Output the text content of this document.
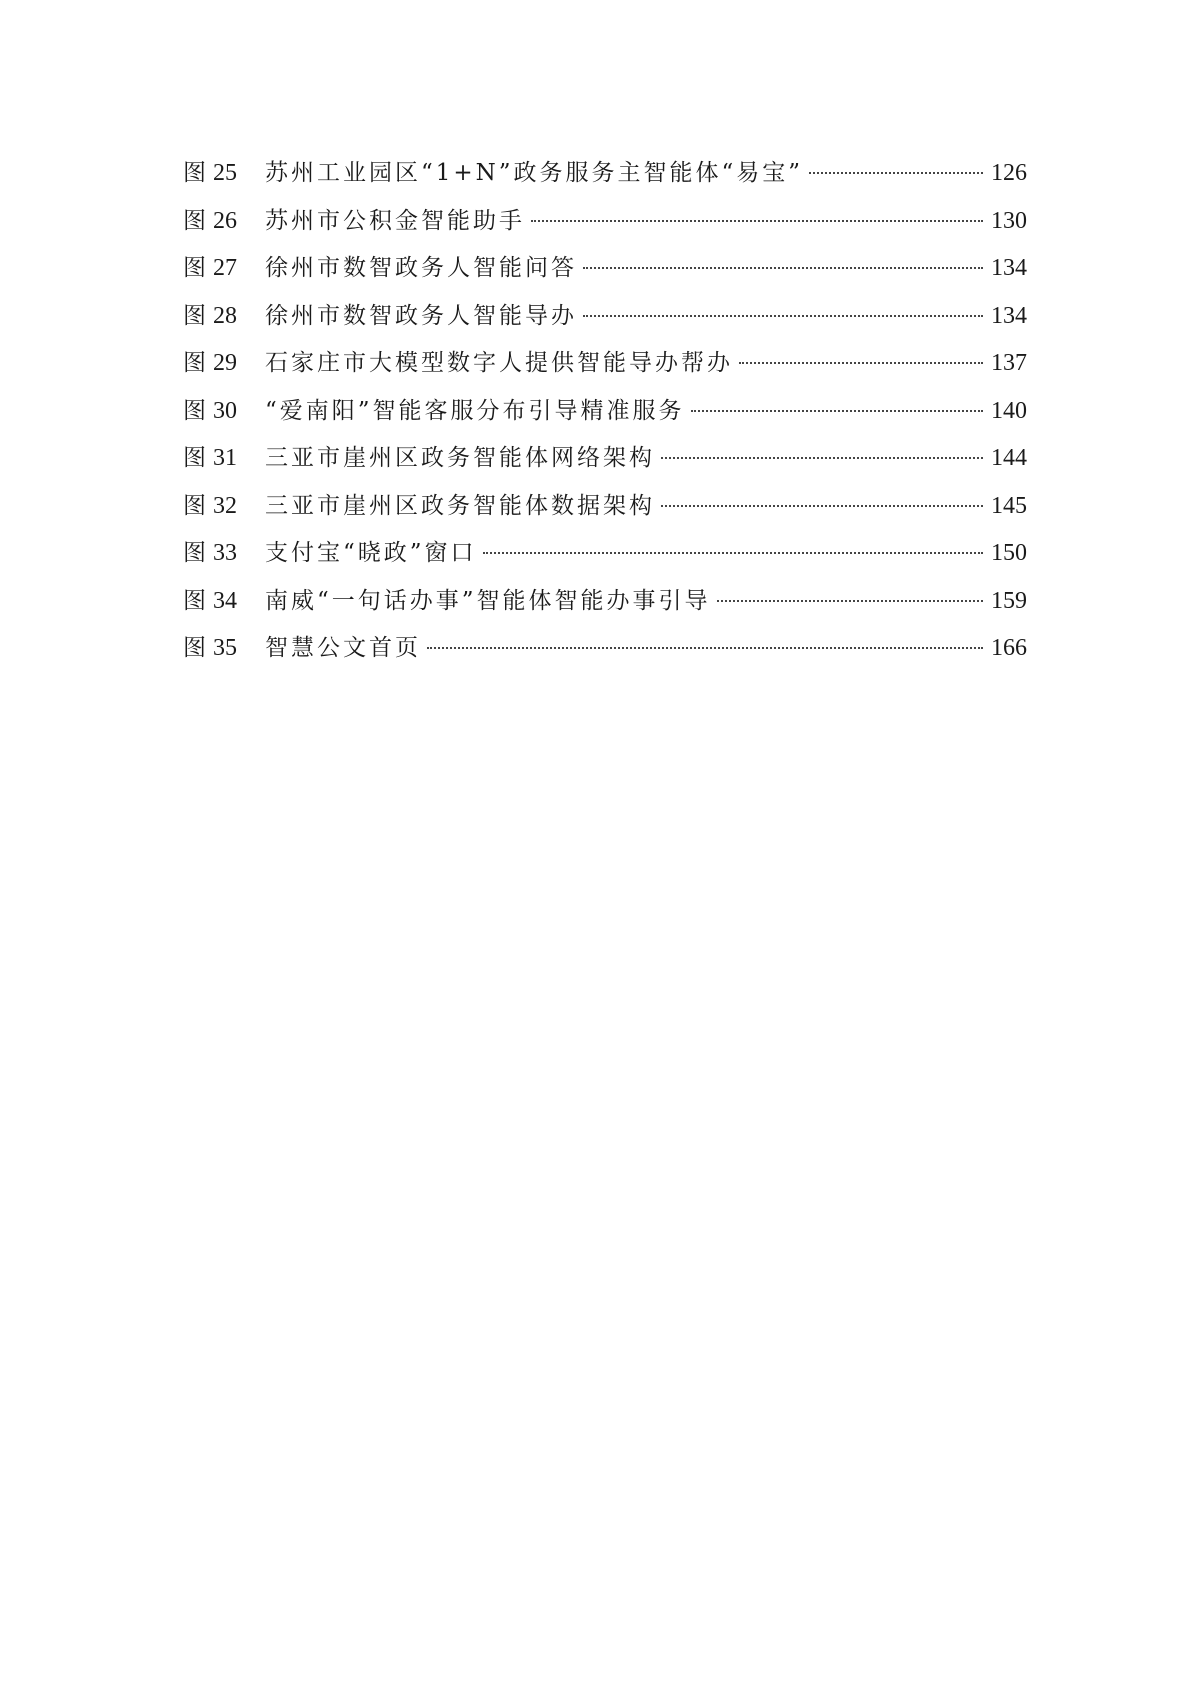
图 25	苏州工业园区“1+N”政务服务主智能体“易宝”	126
图 26	苏州市公积金智能助手	130
图 27	徐州市数智政务人智能问答	134
图 28	徐州市数智政务人智能导办	134
图 29	石家庄市大模型数字人提供智能导办帮办	137
图 30	“爱南阳”智能客服分布引导精准服务	140
图 31	三亚市崖州区政务智能体网络架构	144
图 32	三亚市崖州区政务智能体数据架构	145
图 33	支付宝“晓政”窗口	150
图 34	南威“一句话办事”智能体智能办事引导	159
图 35	智慧公文首页	166
